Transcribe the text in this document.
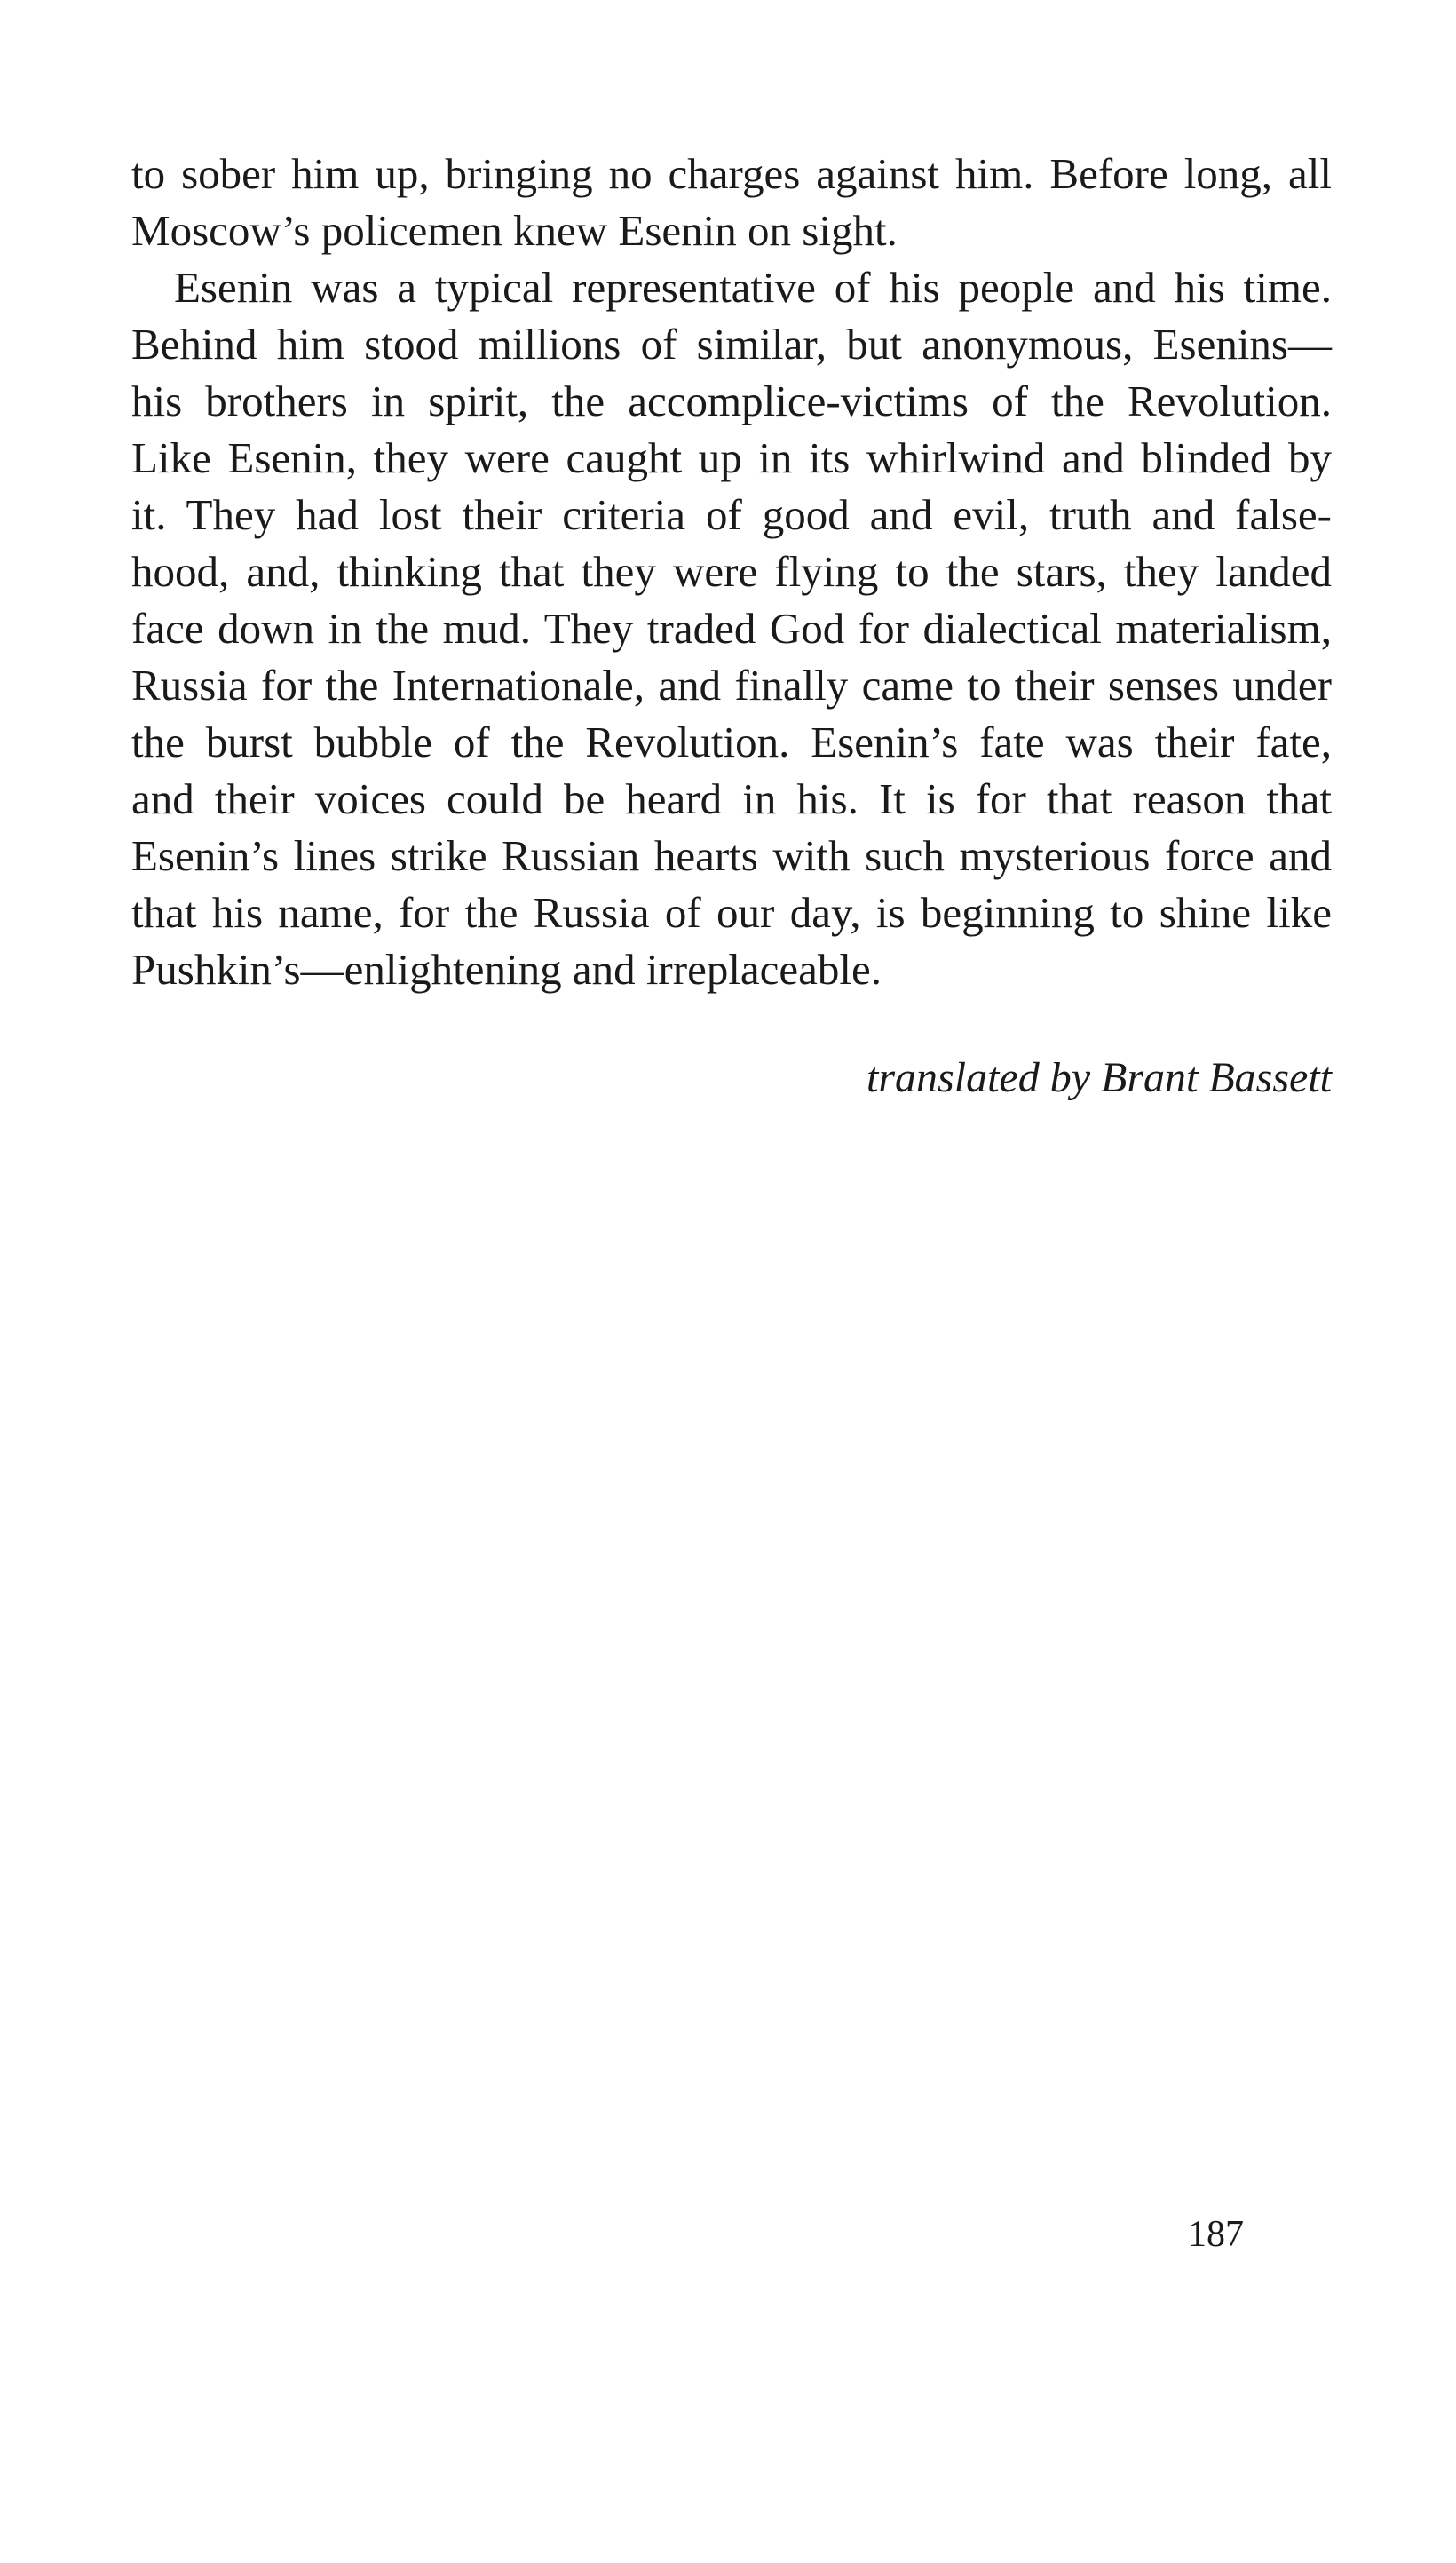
to sober him up, bringing no charges against him. Before long, all
Moscow’s policemen knew Esenin on sight.
Esenin was a typical representative of his people and his time.
Behind him stood millions of similar, but anonymous, Esenins—
his brothers in spirit, the accomplice-victims of the Revolution.
Like Esenin, they were caught up in its whirlwind and blinded by
it. They had lost their criteria of good and evil, truth and false-
hood, and, thinking that they were flying to the stars, they landed
face down in the mud. They traded God for dialectical materialism,
Russia for the Internationale, and finally came to their senses under
the burst bubble of the Revolution. Esenin’s fate was their fate,
and their voices could be heard in his. It is for that reason that
Esenin’s lines strike Russian hearts with such mysterious force and
that his name, for the Russia of our day, is beginning to shine like
Pushkin’s—enlightening and irreplaceable.
translated by Brant Bassett
187
